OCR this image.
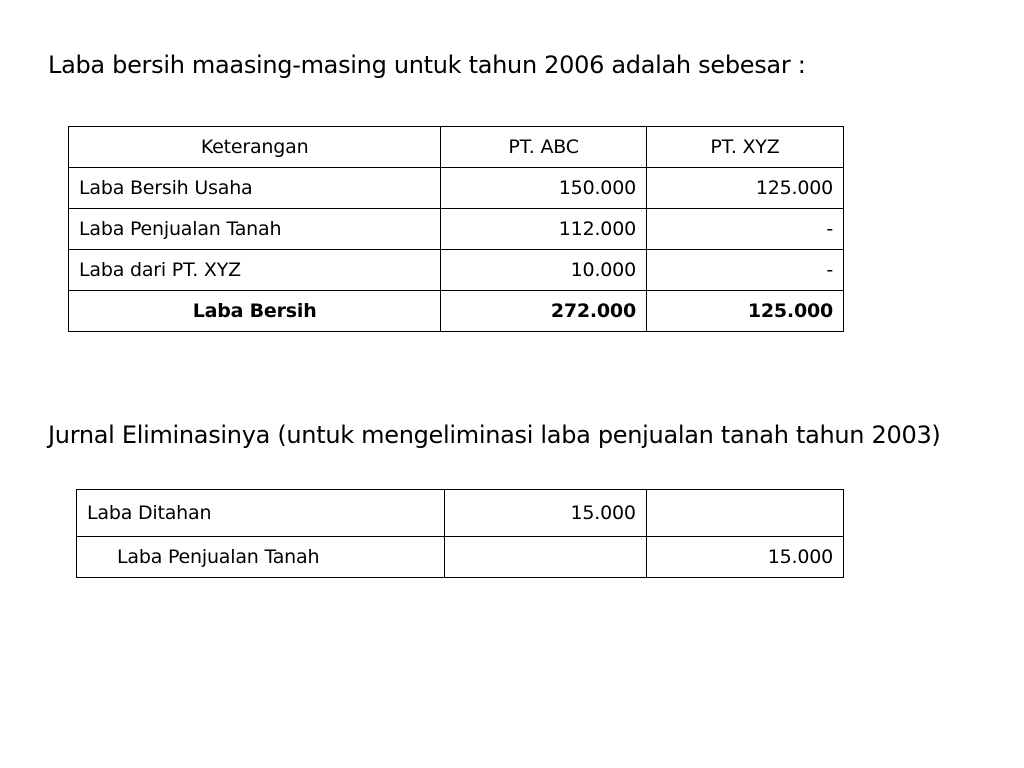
Laba bersih maasing-masing untuk tahun 2006 adalah sebesar :

Keterangan	PT. ABC	PT. XYZ
Laba Bersih Usaha	150.000	125.000
Laba Penjualan Tanah	112.000	-
Laba dari PT. XYZ	10.000	-
Laba Bersih	272.000	125.000

Jurnal Eliminasinya (untuk mengeliminasi laba penjualan tanah tahun 2003)

Laba Ditahan	15.000	
Laba Penjualan Tanah		15.000
